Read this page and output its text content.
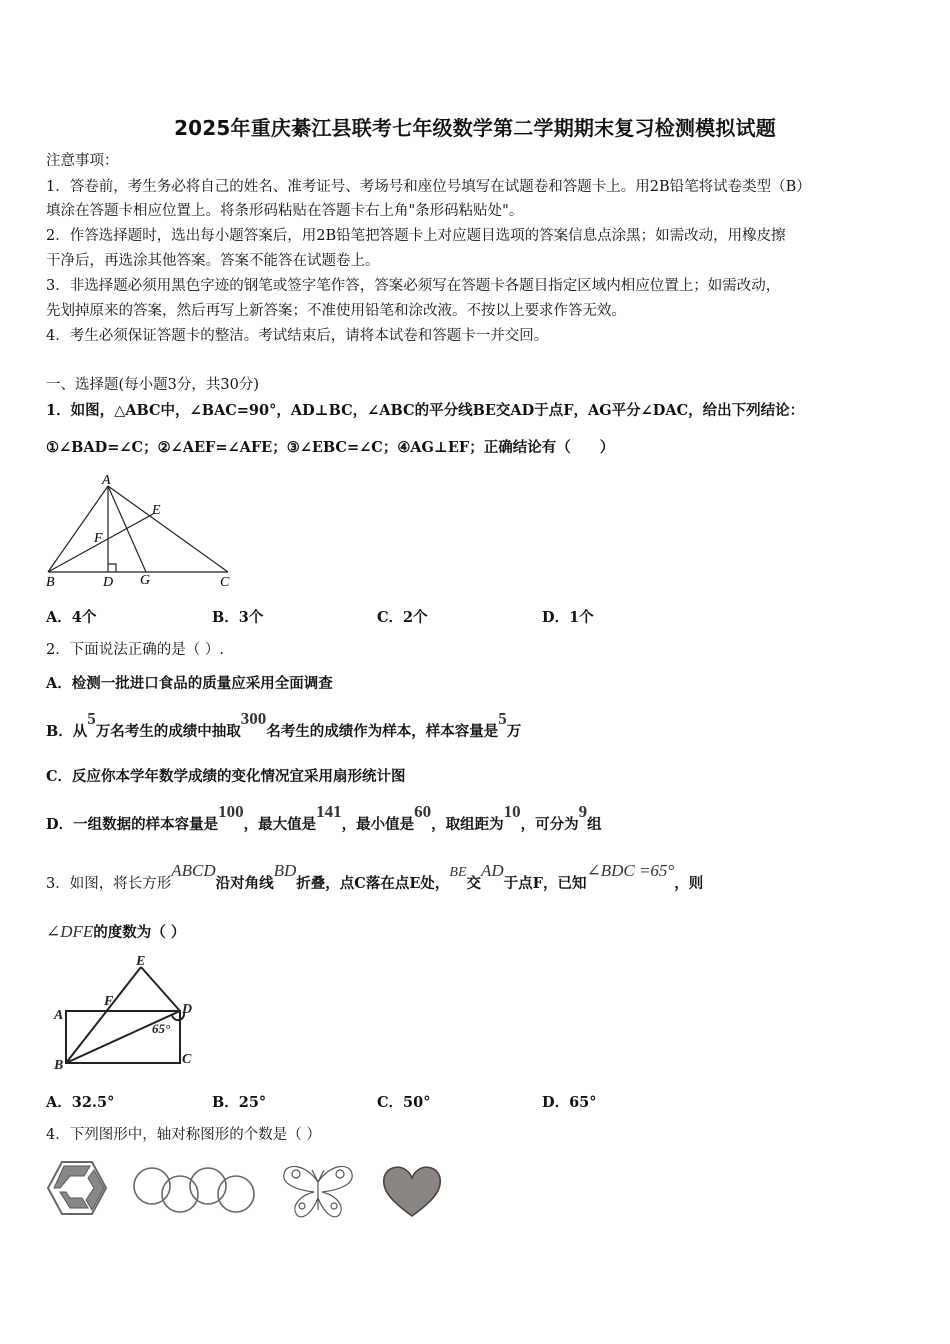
2025年重庆綦江县联考七年级数学第二学期期末复习检测模拟试题
注意事项：
1．答卷前，考生务必将自己的姓名、准考证号、考场号和座位号填写在试题卷和答题卡上。用2B铅笔将试卷类型（B）
填涂在答题卡相应位置上。将条形码粘贴在答题卡右上角"条形码粘贴处"。
2．作答选择题时，选出每小题答案后，用2B铅笔把答题卡上对应题目选项的答案信息点涂黑；如需改动，用橡皮擦
干净后，再选涂其他答案。答案不能答在试题卷上。
3．非选择题必须用黑色字迹的钢笔或签字笔作答，答案必须写在答题卡各题目指定区域内相应位置上；如需改动，
先划掉原来的答案，然后再写上新答案；不准使用铅笔和涂改液。不按以上要求作答无效。
4．考生必须保证答题卡的整洁。考试结束后，请将本试卷和答题卡一并交回。
一、选择题(每小题3分，共30分)
1．如图，△ABC中，∠BAC=90°，AD⊥BC，∠ABC的平分线BE交AD于点F，AG平分∠DAC，给出下列结论：
①∠BAD=∠C；②∠AEF=∠AFE；③∠EBC=∠C；④AG⊥EF；正确结论有（　　）
A
B	C
D
E
F
G
A．4个	B．3个	C．2个	D．1个
2．下面说法正确的是（ ）.
A．检测一批进口食品的质量应采用全面调查
B．从5万名考生的成绩中抽取300名考生的成绩作为样本，样本容量是5万
C．反应你本学年数学成绩的变化情况宜采用扇形统计图
D．一组数据的样本容量是100，最大值是141，最小值是60，取组距为10，可分为9组
3．如图，将长方形ABCD沿对角线BD折叠，点C落在点E处，BE交AD于点F，已知∠BDC =65°，则
∠DFE的度数为（ ）
A
B	C
D
E
F
65°
A．32.5°	B．25°	C．50°	D．65°
4．下列图形中，轴对称图形的个数是（ ）
